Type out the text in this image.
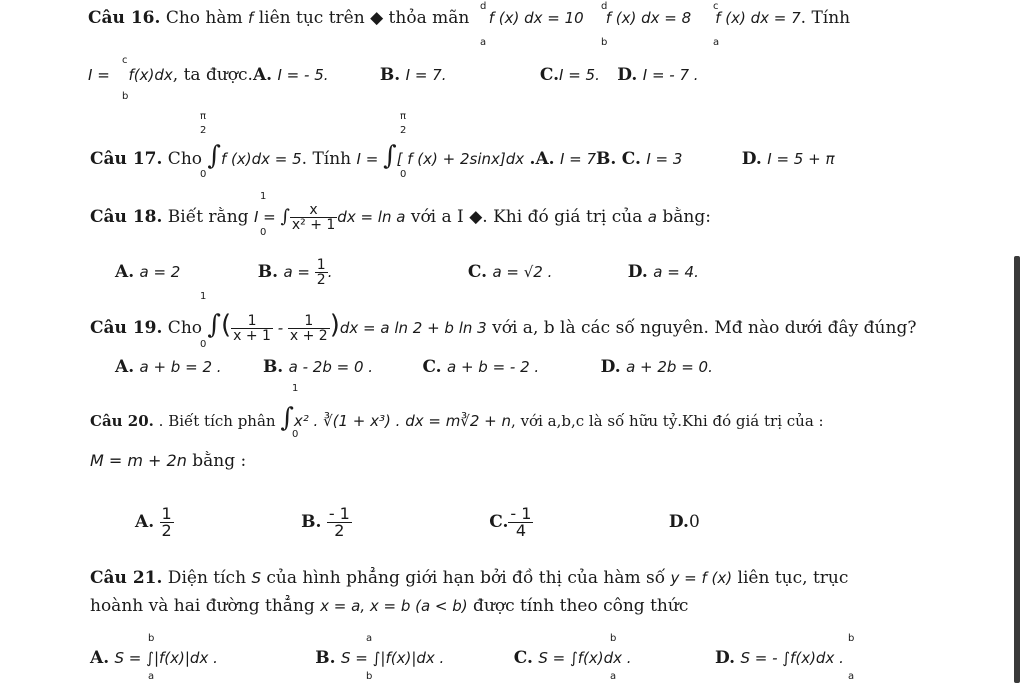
Câu 16. Cho hàm f liên tục trên ◆ thỏa mãn f (x) dx = 10 f (x) dx = 8 f (x) dx = 7. Tính
d
a
d
b
c
a
I = f(x)dx, ta được.A. I = - 5.	B. I = 7.	C.I = 5. D. I = - 7 .
c
b
Câu 17. Cho ∫f (x)dx = 5. Tính I = ∫[ f (x) + 2sinx]dx .A. I = 7B. C. I = 3	D. I = 5 + π
π
2
0
π
2
0
Câu 18. Biết rằng I = ∫ $\frac{x}{\text{x² + 1}}$ dx = ln a với a I ◆. Khi đó giá trị của a bằng:
1
0
A. a = 2	B. $a = \frac{1}{2}$ .	C. a = √2 .	D. a = 4.
Câu 19. Cho ∫( $\frac{1}{x + 1} - \frac{1}{x + 2} )dx = a$ ln 2 + b ln 3 với a, b là các số nguyên. Mđ nào dưới đây đúng?
1
0
A. a + b = 2 . B. a - 2b = 0 .	C. a + b = - 2 .	D. a + 2b = 0.
Câu 20. . Biết tích phân ∫x² . ∛(1 + x³) . dx = m∛2 + n, với a,b,c là số hữu tỷ.Khi đó giá trị của :
1
0
M = m + 2n bằng :
A. $\frac{1}{2}$	B. $\frac{- 1}{2}$	C. $\frac{- 1}{4}$	D.0
Câu 21. Diện tích S của hình phẳng giới hạn bởi đồ thị của hàm số y = f (x) liên tục, trục
hoành và hai đường thẳng x = a, x = b (a < b) được tính theo công thức
A. S = ∫|f(x)|dx .	B. S = ∫|f(x)|dx .	C. S = ∫f(x)dx .	D. S = - ∫f(x)dx .
b
a
a
b
b
a
b
a
